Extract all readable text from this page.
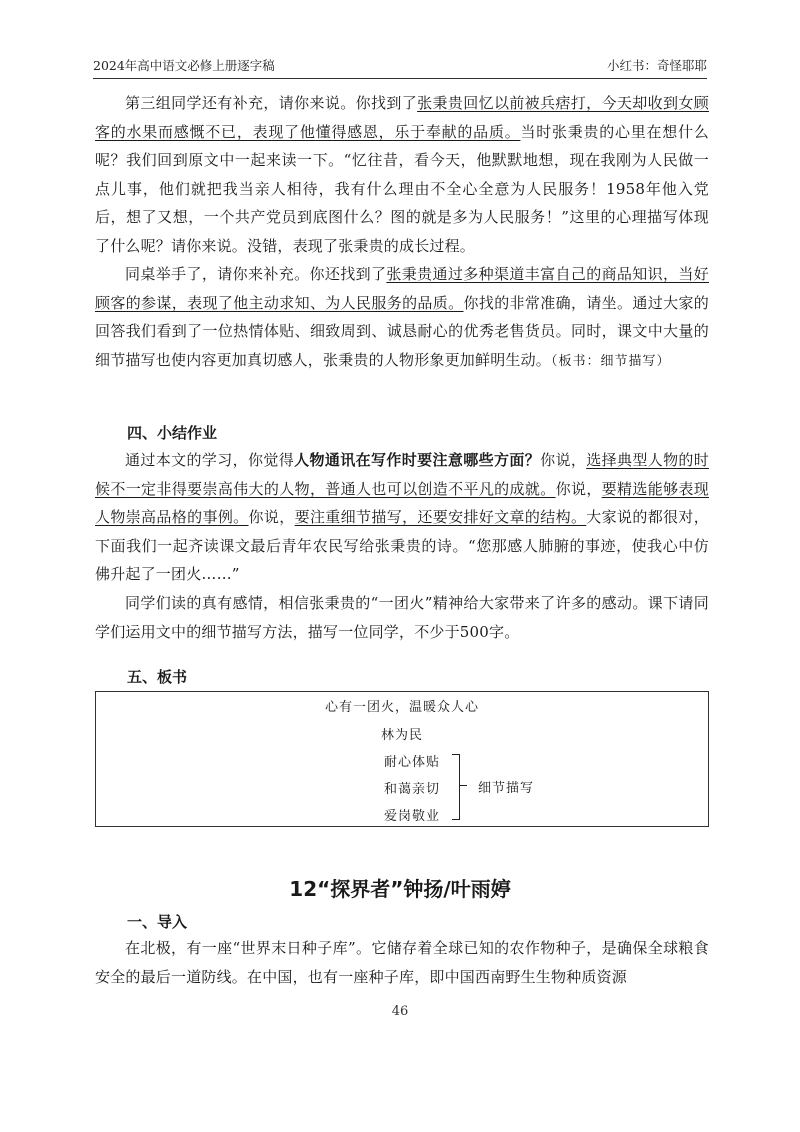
2024年高中语文必修上册逐字稿	小红书：奇怪耶耶

第三组同学还有补充，请你来说。你找到了张秉贵回忆以前被兵痞打，今天却收到女顾客的水果而感慨不已，表现了他懂得感恩，乐于奉献的品质。当时张秉贵的心里在想什么呢？我们回到原文中一起来读一下。“忆往昔，看今天，他默默地想，现在我刚为人民做一点儿事，他们就把我当亲人相待，我有什么理由不全心全意为人民服务！1958年他入党后，想了又想，一个共产党员到底图什么？图的就是多为人民服务！”这里的心理描写体现了什么呢？请你来说。没错，表现了张秉贵的成长过程。

同桌举手了，请你来补充。你还找到了张秉贵通过多种渠道丰富自己的商品知识，当好顾客的参谋，表现了他主动求知、为人民服务的品质。你找的非常准确，请坐。通过大家的回答我们看到了一位热情体贴、细致周到、诚恳耐心的优秀老售货员。同时，课文中大量的细节描写也使内容更加真切感人，张秉贵的人物形象更加鲜明生动。（板书：细节描写）

四、小结作业

通过本文的学习，你觉得人物通讯在写作时要注意哪些方面？你说，选择典型人物的时候不一定非得要崇高伟大的人物，普通人也可以创造不平凡的成就。你说，要精选能够表现人物崇高品格的事例。你说，要注重细节描写，还要安排好文章的结构。大家说的都很对，下面我们一起齐读课文最后青年农民写给张秉贵的诗。“您那感人肺腑的事迹，使我心中仿佛升起了一团火……”

同学们读的真有感情，相信张秉贵的“一团火”精神给大家带来了许多的感动。课下请同学们运用文中的细节描写方法，描写一位同学，不少于500字。

五、板书
心有一团火，温暖众人心
林为民
耐心体贴
和蔼亲切
爱岗敬业
细节描写
12“探界者”钟扬/叶雨婷
一、导入

在北极，有一座“世界末日种子库”。它储存着全球已知的农作物种子，是确保全球粮食安全的最后一道防线。在中国，也有一座种子库，即中国西南野生生物种质资源

46
